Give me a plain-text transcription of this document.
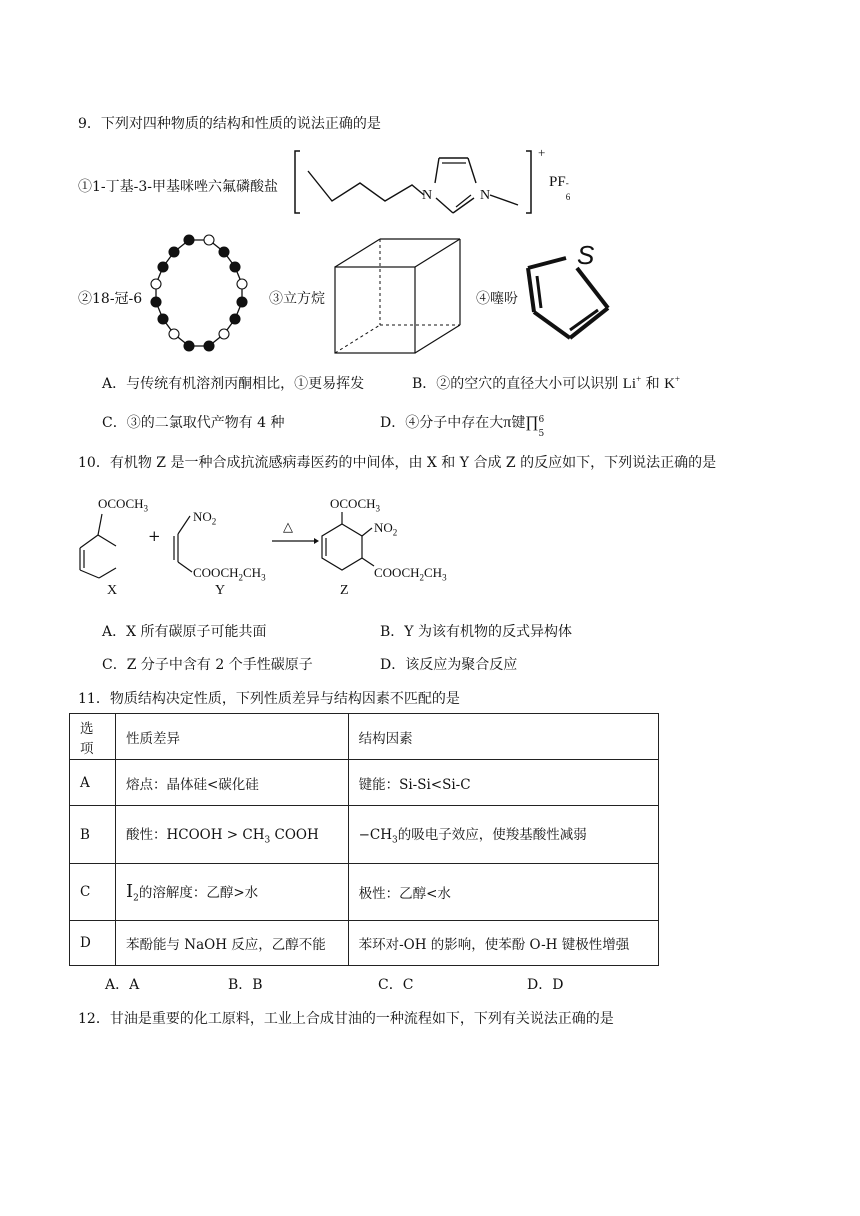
9．下列对四种物质的结构和性质的说法正确的是
①1-丁基-3-甲基咪唑六氟磷酸盐
N	N
+
PF -
6
②18-冠-6	③立方烷	④噻吩
S
A．与传统有机溶剂丙酮相比，①更易挥发	B．②的空穴的直径大小可以识别 Li+ 和 K+
C．③的二氯取代产物有 4 种	D．④分子中存在大π键∏ 6
5
10．有机物 Z 是一种合成抗流感病毒医药的中间体，由 X 和 Y 合成 Z 的反应如下，下列说法正确的是
$OCOCH_3$
X
+
$NO_2$
$COOCH_2CH_3$
Y
△
$OCOCH_3$
$NO_2$
$COOCH_2CH_3$
Z
A．X 所有碳原子可能共面	B．Y 为该有机物的反式异构体
C．Z 分子中含有 2 个手性碳原子	D．该反应为聚合反应
11．物质结构决定性质，下列性质差异与结构因素不匹配的是
选项	性质差异	结构因素
A	熔点：晶体硅<碳化硅	键能：Si-Si<Si-C
B	酸性：HCOOH > $CH_3$ COOH	$-CH_3$的吸电子效应，使羧基酸性减弱
C	$I_2$的溶解度：乙醇>水	极性：乙醇<水
D	苯酚能与 NaOH 反应，乙醇不能	苯环对-OH 的影响，使苯酚 O-H 键极性增强
A．A	B．B	C．C	D．D
12．甘油是重要的化工原料，工业上合成甘油的一种流程如下，下列有关说法正确的是
